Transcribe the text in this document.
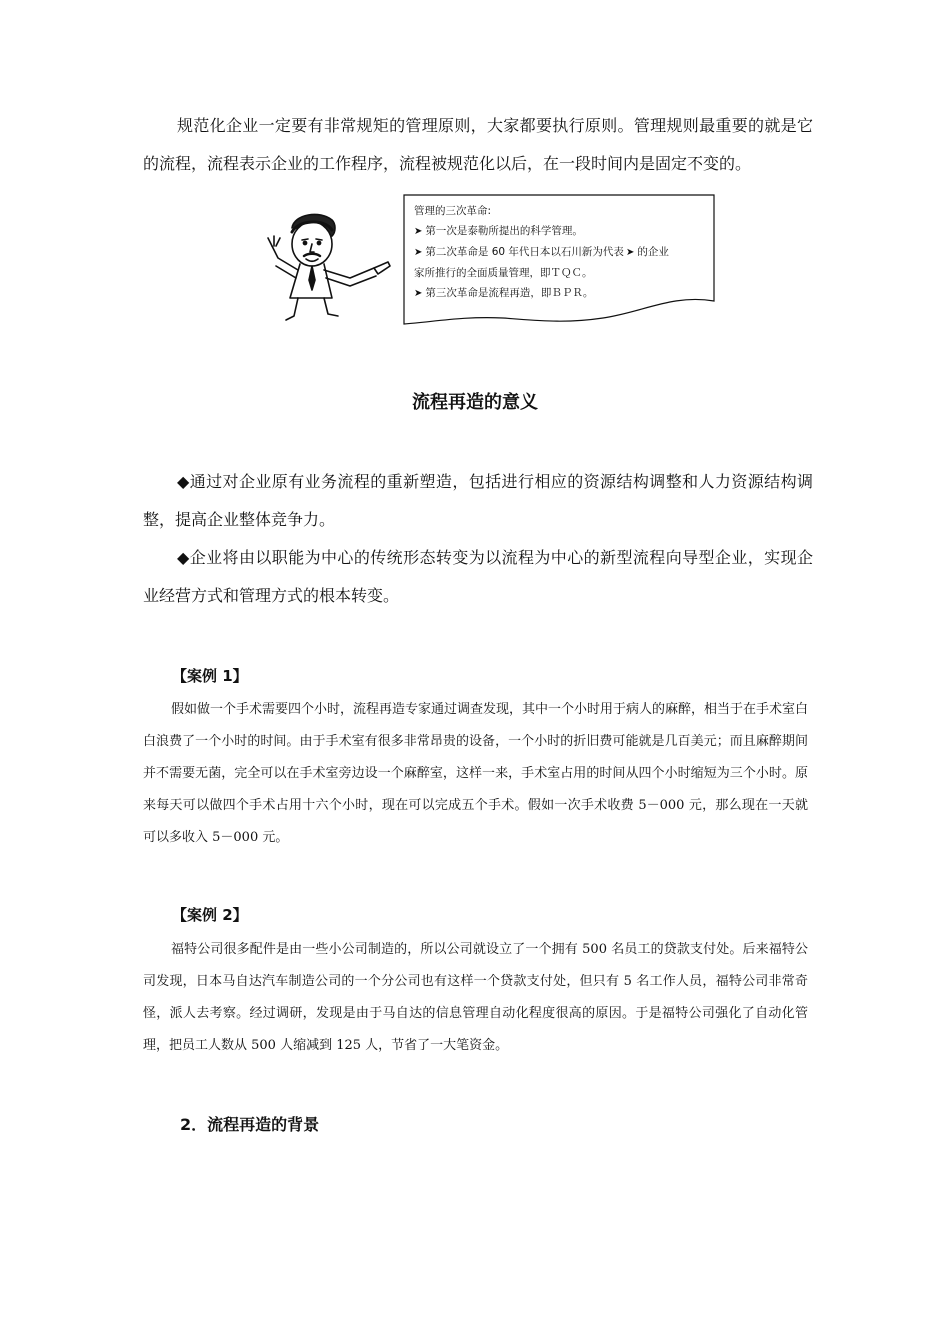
规范化企业一定要有非常规矩的管理原则，大家都要执行原则。管理规则最重要的就是它的流程，流程表示企业的工作程序，流程被规范化以后，在一段时间内是固定不变的。

管理的三次革命:
➤ 第一次是泰勒所提出的科学管理。
➤ 第二次革命是 60 年代日本以石川新为代表 ➤ 的企业
家所推行的全面质量管理，即ＴＱＣ。
➤ 第三次革命是流程再造，即ＢＰＲ。
流程再造的意义

◆通过对企业原有业务流程的重新塑造，包括进行相应的资源结构调整和人力资源结构调整，提高企业整体竞争力。

◆企业将由以职能为中心的传统形态转变为以流程为中心的新型流程向导型企业，实现企业经营方式和管理方式的根本转变。

【案例 1】

假如做一个手术需要四个小时，流程再造专家通过调查发现，其中一个小时用于病人的麻醉，相当于在手术室白白浪费了一个小时的时间。由于手术室有很多非常昂贵的设备，一个小时的折旧费可能就是几百美元；而且麻醉期间并不需要无菌，完全可以在手术室旁边设一个麻醉室，这样一来，手术室占用的时间从四个小时缩短为三个小时。原来每天可以做四个手术占用十六个小时，现在可以完成五个手术。假如一次手术收费 5－000 元，那么现在一天就可以多收入 5－000 元。

【案例 2】

福特公司很多配件是由一些小公司制造的，所以公司就设立了一个拥有 500 名员工的贷款支付处。后来福特公司发现，日本马自达汽车制造公司的一个分公司也有这样一个贷款支付处，但只有 5 名工作人员，福特公司非常奇怪，派人去考察。经过调研，发现是由于马自达的信息管理自动化程度很高的原因。于是福特公司强化了自动化管理，把员工人数从 500 人缩减到 125 人，节省了一大笔资金。

2．流程再造的背景
